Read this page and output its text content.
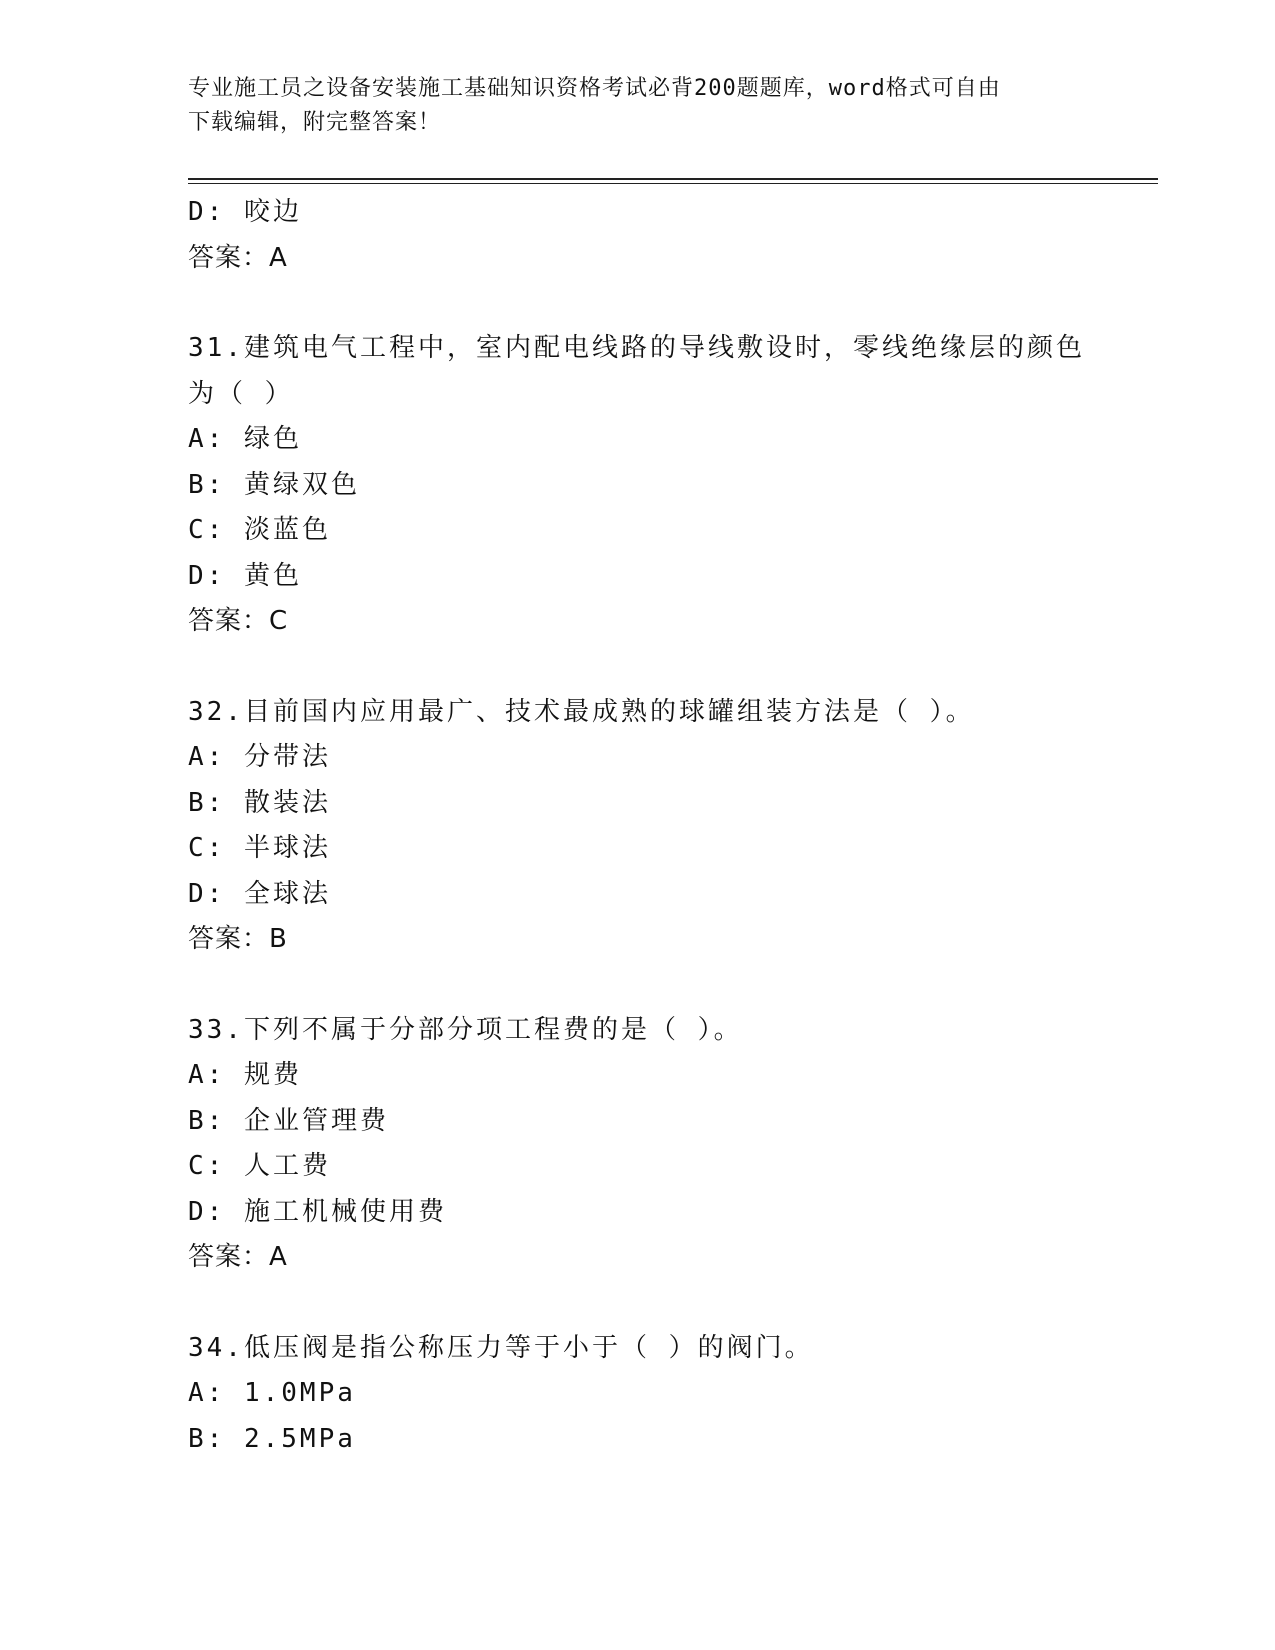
专业施工员之设备安装施工基础知识资格考试必背200题题库，word格式可自由
下载编辑，附完整答案！
D: 咬边
答案：A
31.建筑电气工程中，室内配电线路的导线敷设时，零线绝缘层的颜色
为（ ）
A: 绿色
B: 黄绿双色
C: 淡蓝色
D: 黄色
答案：C
32.目前国内应用最广、技术最成熟的球罐组装方法是（ ）。
A: 分带法
B: 散装法
C: 半球法
D: 全球法
答案：B
33.下列不属于分部分项工程费的是（ ）。
A: 规费
B: 企业管理费
C: 人工费
D: 施工机械使用费
答案：A
34.低压阀是指公称压力等于小于（ ）的阀门。
A: 1.0MPa
B: 2.5MPa
